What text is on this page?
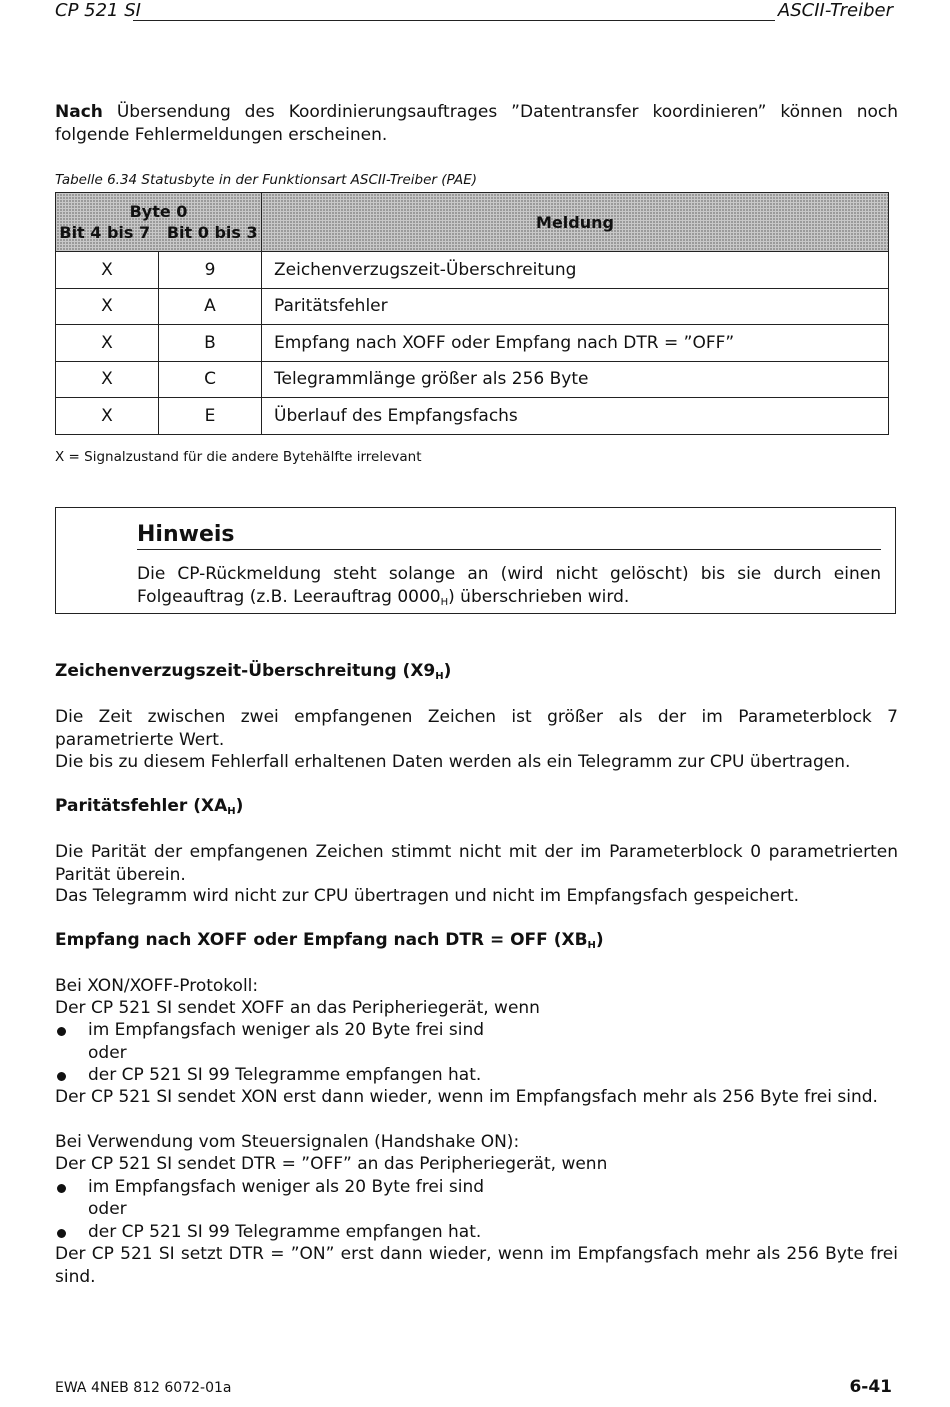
CP 521 SI	ASCII-Treiber
Nach Übersendung des Koordinierungsauftrages ”Datentransfer koordinieren” können noch folgende Fehlermeldungen erscheinen.
Tabelle 6.34 Statusbyte in der Funktionsart ASCII-Treiber (PAE)
Byte 0
Bit 4 bis 7   Bit 0 bis 3		Meldung
X	9	Zeichenverzugszeit-Überschreitung
X	A	Paritätsfehler
X	B	Empfang nach XOFF oder Empfang nach DTR = ”OFF”
X	C	Telegrammlänge größer als 256 Byte
X	E	Überlauf des Empfangsfachs
X = Signalzustand für die andere Bytehälfte irrelevant
Hinweis
Die CP-Rückmeldung steht solange an (wird nicht gelöscht) bis sie durch einen Folgeauftrag (z.B. Leerauftrag $0000_H$) überschrieben wird.
Zeichenverzugszeit-Überschreitung $(X9_H)$
Die Zeit zwischen zwei empfangenen Zeichen ist größer als der im Parameterblock 7 parametrierte Wert.
Die bis zu diesem Fehlerfall erhaltenen Daten werden als ein Telegramm zur CPU übertragen.
Paritätsfehler $(XA_H)$
Die Parität der empfangenen Zeichen stimmt nicht mit der im Parameterblock 0 parametrierten Parität überein.
Das Telegramm wird nicht zur CPU übertragen und nicht im Empfangsfach gespeichert.
Empfang nach XOFF oder Empfang nach DTR = OFF $(XB_H)$
Bei XON/XOFF-Protokoll:
Der CP 521 SI sendet XOFF an das Peripheriegerät, wenn
im Empfangsfach weniger als 20 Byte frei sind
oder
der CP 521 SI 99 Telegramme empfangen hat.
Der CP 521 SI sendet XON erst dann wieder, wenn im Empfangsfach mehr als 256 Byte frei sind.
Bei Verwendung vom Steuersignalen (Handshake ON):
Der CP 521 SI sendet DTR = ”OFF” an das Peripheriegerät, wenn
im Empfangsfach weniger als 20 Byte frei sind
oder
der CP 521 SI 99 Telegramme empfangen hat.
Der CP 521 SI setzt DTR = ”ON” erst dann wieder, wenn im Empfangsfach mehr als 256 Byte frei sind.
EWA 4NEB 812 6072-01a	6-41
